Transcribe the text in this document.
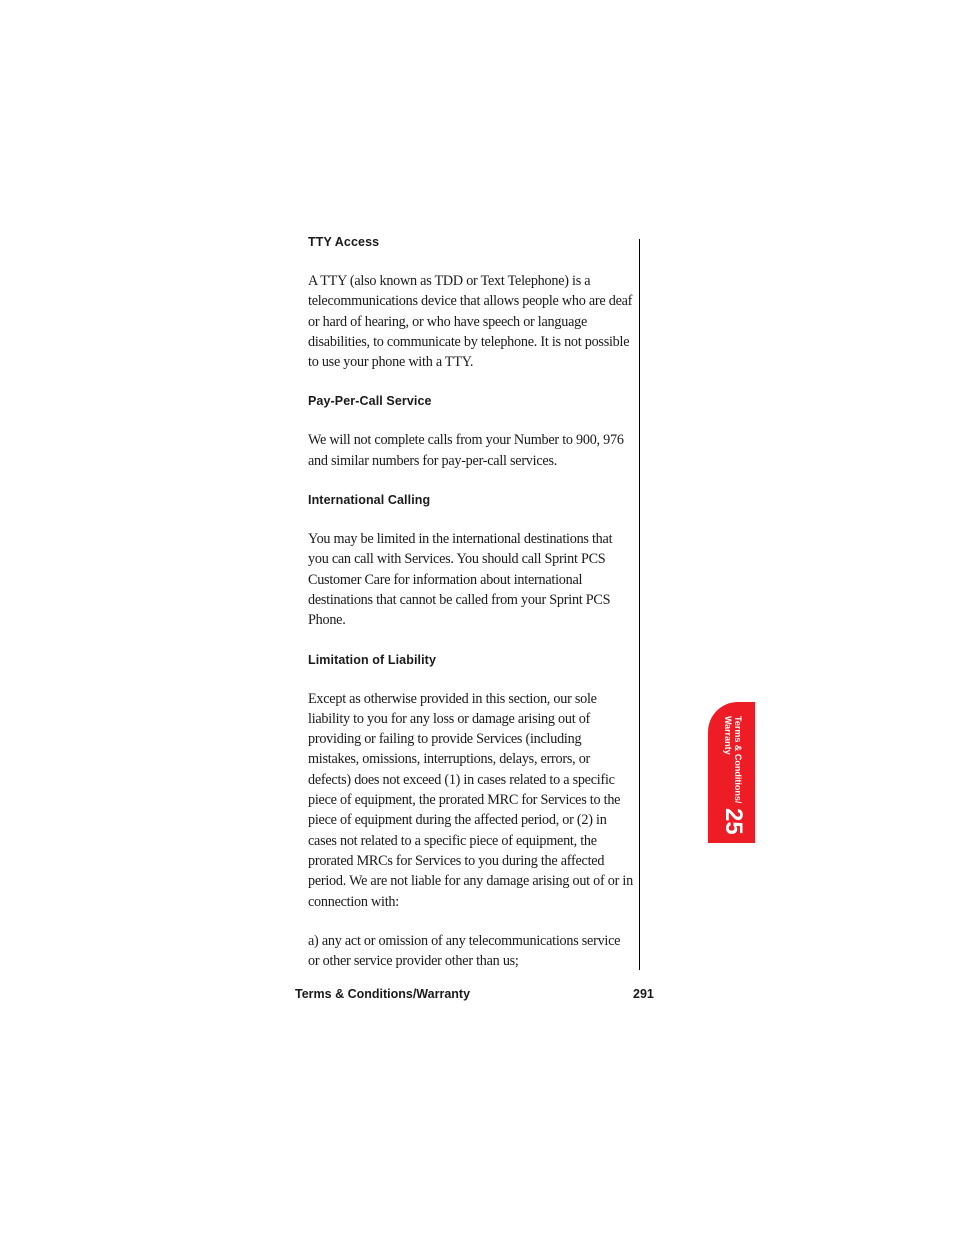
TTY Access

A TTY (also known as TDD or Text Telephone) is a telecommunications device that allows people who are deaf or hard of hearing, or who have speech or language disabilities, to communicate by telephone. It is not possible to use your phone with a TTY.

Pay-Per-Call Service

We will not complete calls from your Number to 900, 976 and similar numbers for pay-per-call services.

International Calling

You may be limited in the international destinations that you can call with Services. You should call Sprint PCS Customer Care for information about international destinations that cannot be called from your Sprint PCS Phone.

Limitation of Liability

Except as otherwise provided in this section, our sole liability to you for any loss or damage arising out of providing or failing to provide Services (including mistakes, omissions, interruptions, delays, errors, or defects) does not exceed (1) in cases related to a specific piece of equipment, the prorated MRC for Services to the piece of equipment during the affected period, or (2) in cases not related to a specific piece of equipment, the prorated MRCs for Services to you during the affected period. We are not liable for any damage arising out of or in connection with:

a) any act or omission of any telecommunications service or other service provider other than us;

Terms & Conditions/Warranty	291
Terms & Conditions/
Warranty
25
